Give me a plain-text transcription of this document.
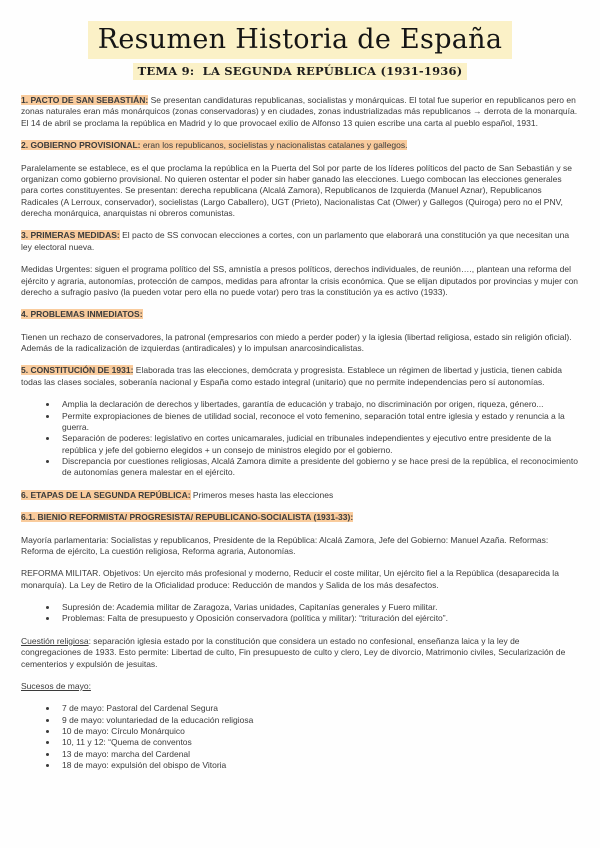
Resumen Historia de España
TEMA 9:  LA SEGUNDA REPÚBLICA (1931-1936)

1. PACTO DE SAN SEBASTIÁN: Se presentan candidaturas republicanas, socialistas y monárquicas. El total fue superior en republicanos pero en zonas naturales eran más monárquicos (zonas conservadoras) y en ciudades, zonas industrializadas más republicanos → derrota de la monarquía. El 14 de abril se proclama la república en Madrid y lo que provocael exilio de Alfonso 13 quien escribe una carta al pueblo español, 1931.

2. GOBIERNO PROVISIONAL: eran los republicanos, socielistas y nacionalistas catalanes y gallegos.

Paralelamente se establece, es el que proclama la república en la Puerta del Sol por parte de los líderes políticos del pacto de San Sebastián y se organizan como gobierno provisional. No quieren ostentar el poder sin haber ganado las elecciones. Luego combocan las elecciones generales para cortes constituyentes. Se presentan: derecha republicana (Alcalá Zamora), Republicanos de Izquierda (Manuel Aznar), Republicanos Radicales (A Lerroux, conservador), socielistas (Largo Caballero), UGT (Prieto), Nacionalistas Cat (Olwer) y Gallegos (Quiroga) pero no el PNV, derecha monárquica, anarquistas ni obreros comunistas.

3. PRIMERAS MEDIDAS: El pacto de SS convocan elecciones a cortes, con un parlamento que elaborará una constitución ya que necesitan una ley electoral nueva.

Medidas Urgentes: siguen el programa político del SS, amnistía a presos políticos, derechos individuales, de reunión…., plantean una reforma del ejército y agraria, autonomías, protección de campos, medidas para afrontar la crisis económica. Que se elijan diputados por provincias y mujer con derecho a sufragio pasivo (la pueden votar pero ella no puede votar) pero tras la constitución ya es activo (1933).

4. PROBLEMAS INMEDIATOS:

Tienen un rechazo de conservadores, la patronal (empresarios con miedo a perder poder) y la iglesia (libertad religiosa, estado sin religión oficial). Además de la radicalización de izquierdas (antiradicales) y lo impulsan anarcosindicalistas.

5. CONSTITUCIÓN DE 1931: Elaborada tras las elecciones, demócrata y progresista. Establece un régimen de libertad y justicia, tienen cabida todas las clases sociales, soberanía nacional y España como estado integral (unitario) que no permite independencias pero sí autonomías.

• Amplia la declaración de derechos y libertades, garantía de educación y trabajo, no discriminación por origen, riqueza, género...
• Permite expropiaciones de bienes de utilidad social, reconoce el voto femenino, separación total entre iglesia y estado y renuncia a la guerra.
• Separación de poderes: legislativo en cortes unicamarales, judicial en tribunales independientes y ejecutivo entre presidente de la república y jefe del gobierno elegidos + un consejo de ministros elegido por el gobierno.
• Discrepancia por cuestiones religiosas, Alcalá Zamora dimite a presidente del gobierno y se hace presi de la república, el reconocimiento de autonomías genera malestar en el ejército.

6. ETAPAS DE LA SEGUNDA REPÚBLICA: Primeros meses hasta las elecciones

6.1. BIENIO REFORMISTA/ PROGRESISTA/ REPUBLICANO-SOCIALISTA (1931-33):

Mayoría parlamentaria: Socialistas y republicanos, Presidente de la República: Alcalá Zamora, Jefe del Gobierno: Manuel Azaña. Reformas: Reforma de ejército, La cuestión religiosa, Reforma agraria, Autonomías.

REFORMA MILITAR. Objetivos: Un ejercito más profesional y moderno, Reducir el coste militar, Un ejército fiel a la República (desaparecida la monarquía). La Ley de Retiro de la Oficialidad produce: Reducción de mandos y Salida de los más desafectos.

• Supresión de: Academia militar de Zaragoza, Varias unidades, Capitanías generales y Fuero militar.
• Problemas: Falta de presupuesto y Oposición conservadora (política y militar): “trituración del ejército”.

Cuestión religiosa: separación iglesia estado por la constitución que considera un estado no confesional, enseñanza laica y la ley de congregaciones de 1933. Esto permite: Libertad de culto, Fin presupuesto de culto y clero, Ley de divorcio, Matrimonio civiles, Secularización de cementerios y expulsión de jesuitas.

Sucesos de mayo:

• 7 de mayo: Pastoral del Cardenal Segura
• 9 de mayo: voluntariedad de la educación religiosa
• 10 de mayo: Círculo Monárquico
• 10, 11 y 12: “Quema de conventos
• 13 de mayo: marcha del Cardenal
• 18 de mayo: expulsión del obispo de Vitoria
